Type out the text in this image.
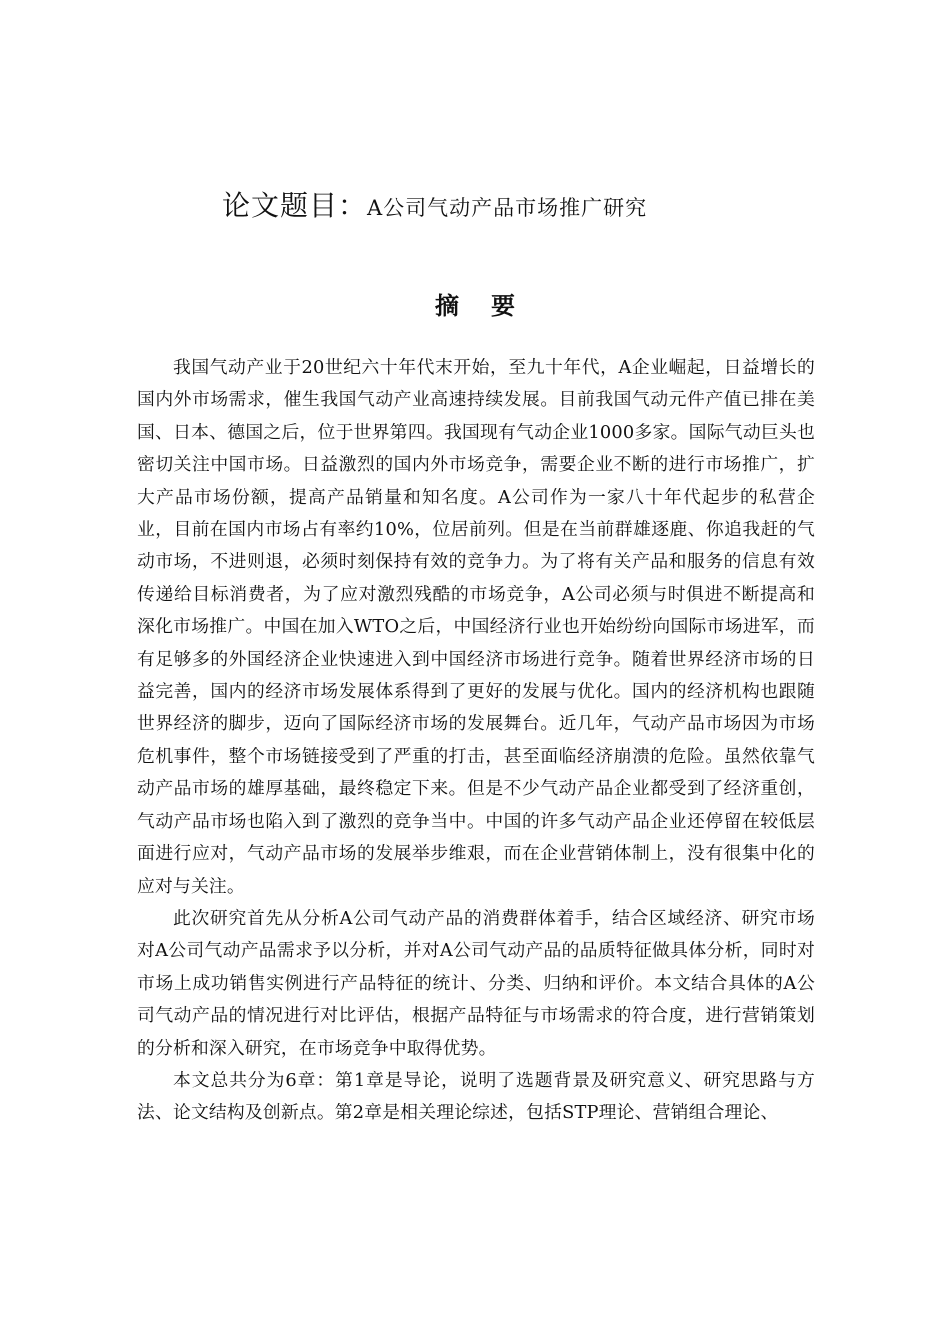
论文题目：A公司气动产品市场推广研究
摘要

我国气动产业于20世纪六十年代末开始，至九十年代，A企业崛起，日益增长的国内外市场需求，催生我国气动产业高速持续发展。目前我国气动元件产值已排在美国、日本、德国之后，位于世界第四。我国现有气动企业1000多家。国际气动巨头也密切关注中国市场。日益激烈的国内外市场竞争，需要企业不断的进行市场推广，扩大产品市场份额，提高产品销量和知名度。A公司作为一家八十年代起步的私营企业，目前在国内市场占有率约10%，位居前列。但是在当前群雄逐鹿、你追我赶的气动市场，不进则退，必须时刻保持有效的竞争力。为了将有关产品和服务的信息有效传递给目标消费者，为了应对激烈残酷的市场竞争，A公司必须与时俱进不断提高和深化市场推广。中国在加入WTO之后，中国经济行业也开始纷纷向国际市场进军，而有足够多的外国经济企业快速进入到中国经济市场进行竞争。随着世界经济市场的日益完善，国内的经济市场发展体系得到了更好的发展与优化。国内的经济机构也跟随世界经济的脚步，迈向了国际经济市场的发展舞台。近几年，气动产品市场因为市场危机事件，整个市场链接受到了严重的打击，甚至面临经济崩溃的危险。虽然依靠气动产品市场的雄厚基础，最终稳定下来。但是不少气动产品企业都受到了经济重创，气动产品市场也陷入到了激烈的竞争当中。中国的许多气动产品企业还停留在较低层面进行应对，气动产品市场的发展举步维艰，而在企业营销体制上，没有很集中化的应对与关注。

此次研究首先从分析A公司气动产品的消费群体着手，结合区域经济、研究市场对A公司气动产品需求予以分析，并对A公司气动产品的品质特征做具体分析，同时对市场上成功销售实例进行产品特征的统计、分类、归纳和评价。本文结合具体的A公司气动产品的情况进行对比评估，根据产品特征与市场需求的符合度，进行营销策划的分析和深入研究，在市场竞争中取得优势。

本文总共分为6章：第1章是导论，说明了选题背景及研究意义、研究思路与方法、论文结构及创新点。第2章是相关理论综述，包括STP理论、营销组合理论、
